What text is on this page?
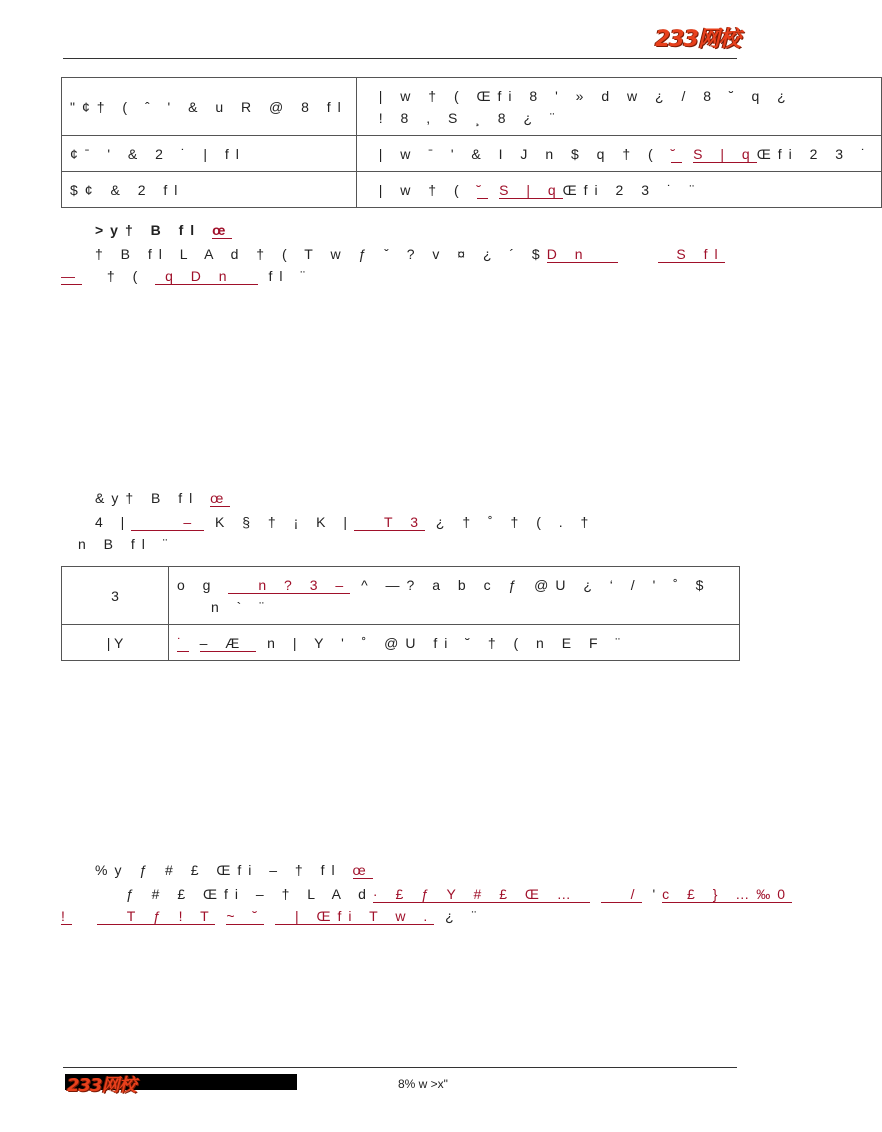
233网校
"¢† ( ˆ ' & u R @ 8 fl	| w † ( Œfi 8 ' » d w ¿ / 8 ˘ q ¿
! 8 , S ¸ 8 ¿ ¨

¢ˉ ' & 2 ˙ | fl	| w ˉ ' & I J n $ q † ( ˘ S | qŒfi 2 3 ˙

$¢ & 2 fl	| w † ( ˘ S | qŒfi 2 3 ˙ ¨
>y† B fl œ
† B fl L A d † ( T w ƒ ˇ ? v ¤ ¿ ´ $D n	S fl
— † ( q D n fl ¨
&y† B fl œ
4 |	– K § † ¡ K | T 3 ¿ † ˚ † ( . †
n B fl ¨
3	o g n ? 3 – ^ —? a b c ƒ @U ¿ ‘ / ' ˚ $
n ` ¨

| Y	˙ – Æ n | Y ' ˚ @U fi ˘ † ( n E F ¨
%y ƒ # £ Œfi – † fl œ
ƒ # £ Œfi – † L A d· £ ƒ Y # £ Œ …	/ 'c £ } …‰0
!	T ƒ ! T ~ ˘ | Œfi T w . ¿ ¨
233网校	8% w >x"
